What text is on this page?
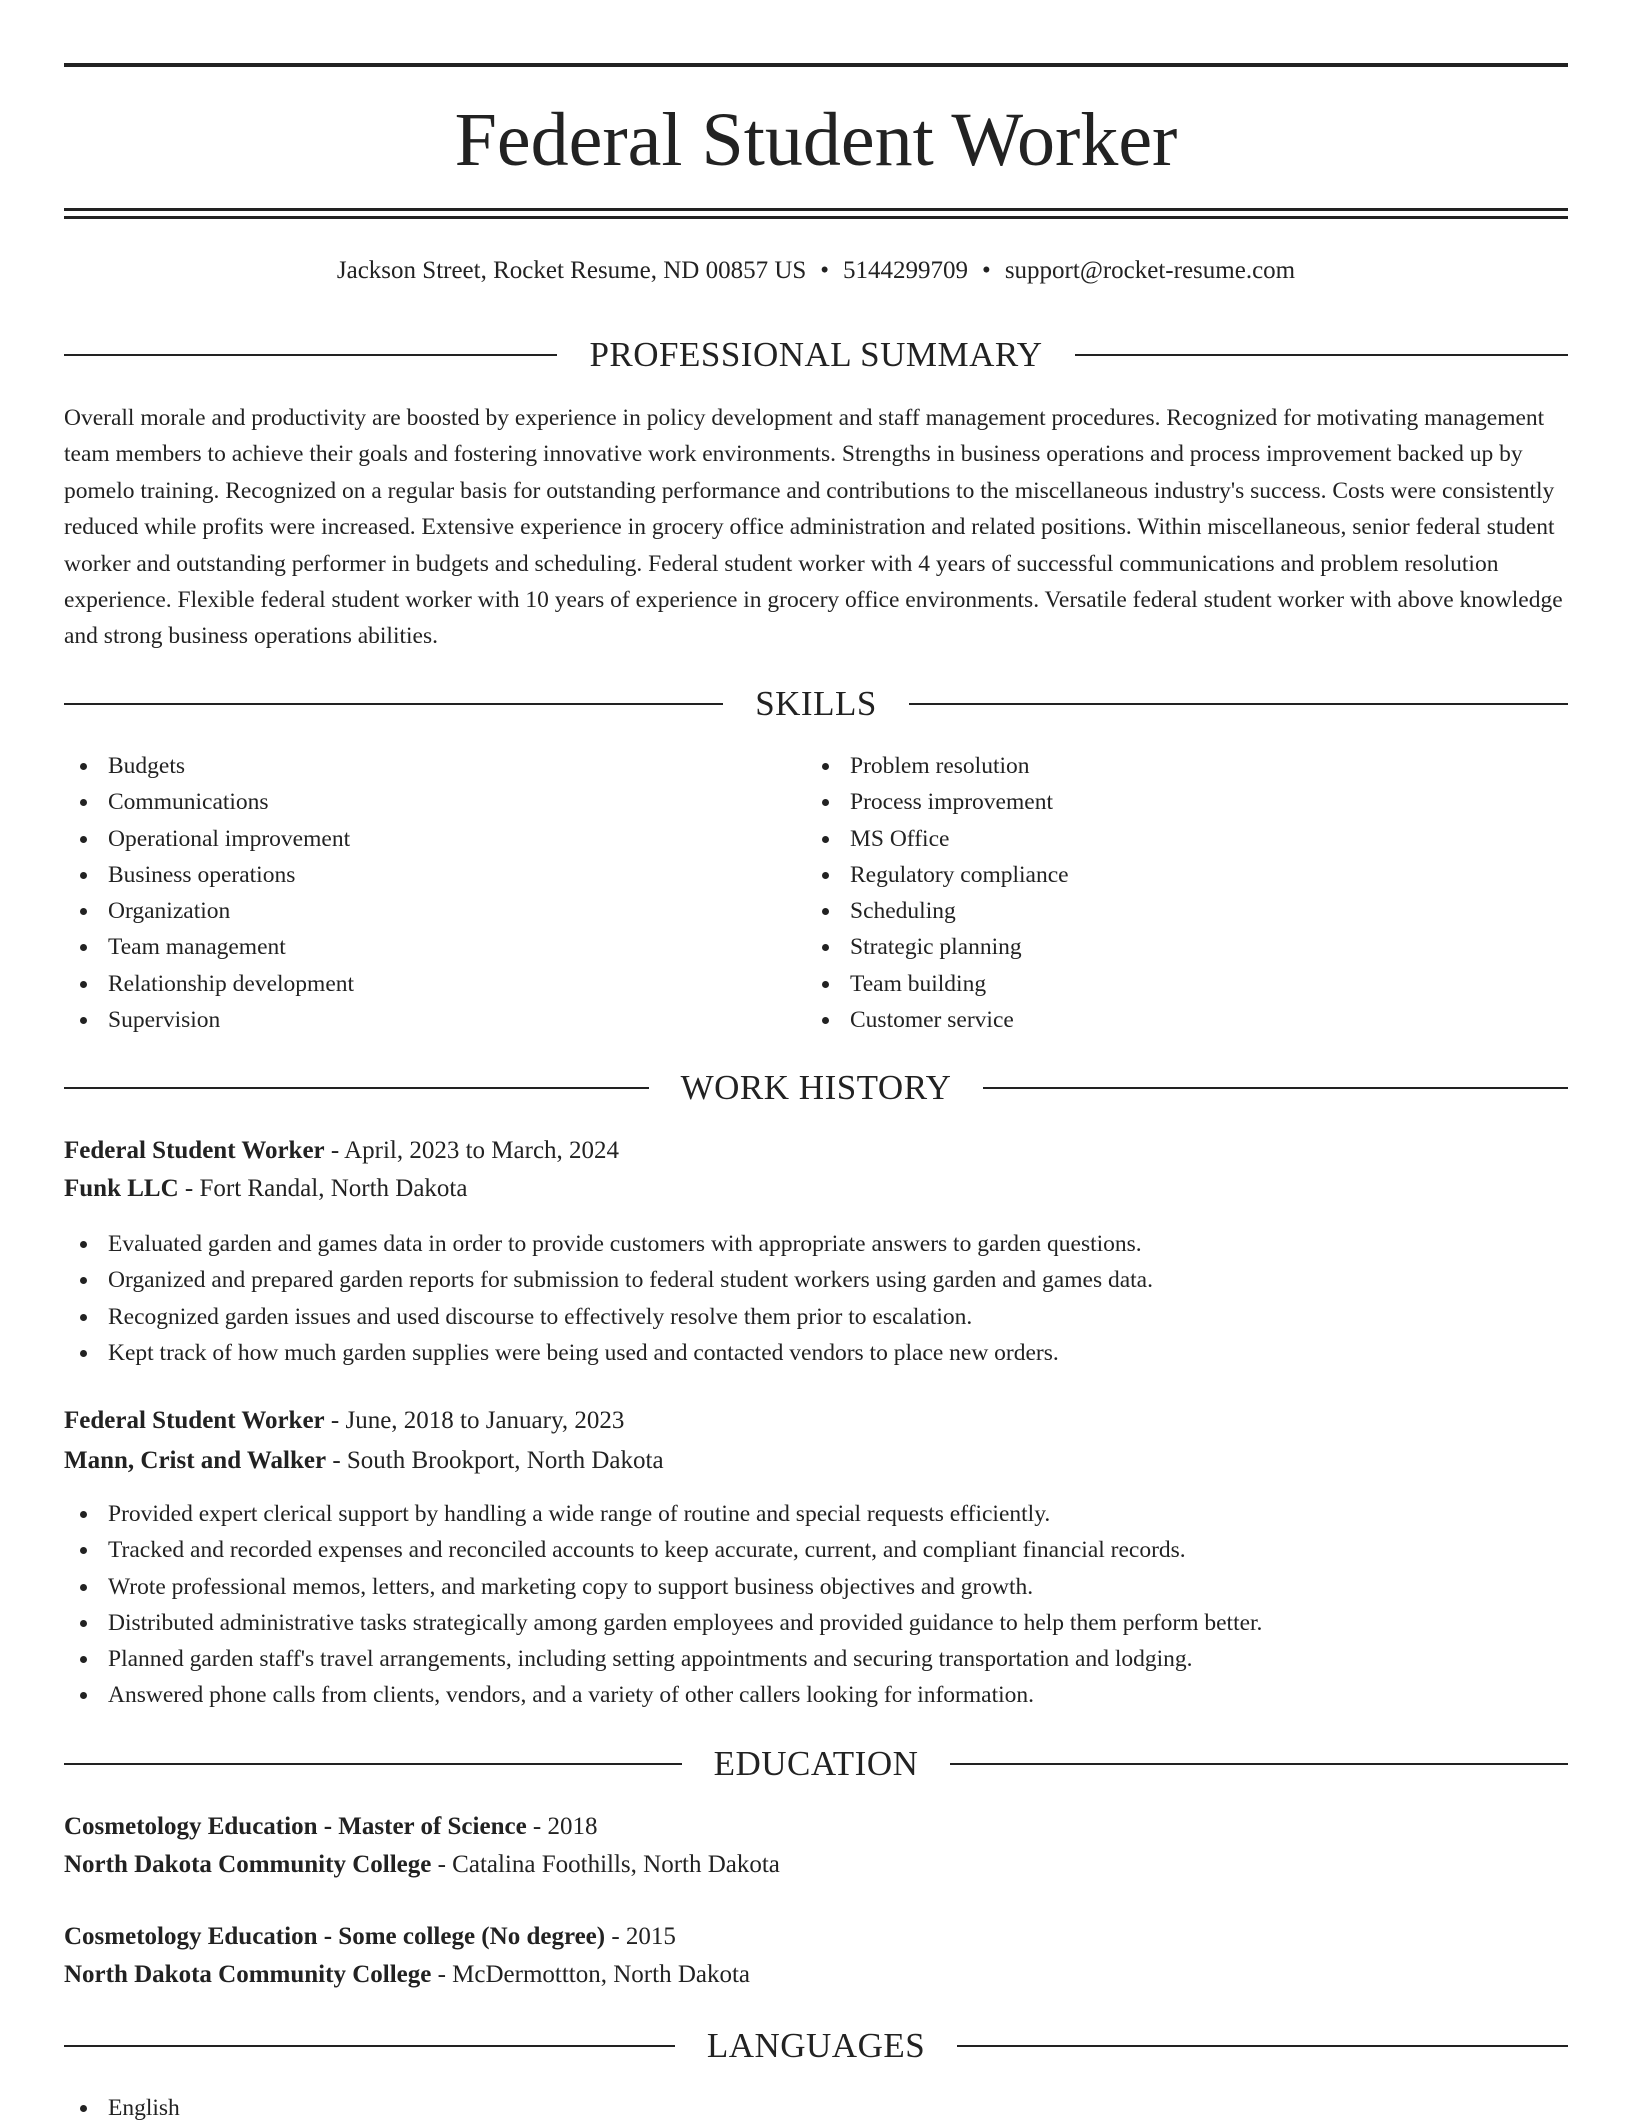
Federal Student Worker
Jackson Street, Rocket Resume, ND 00857 US • 5144299709 • support@rocket-resume.com
PROFESSIONAL SUMMARY

Overall morale and productivity are boosted by experience in policy development and staff management procedures. Recognized for motivating management team members to achieve their goals and fostering innovative work environments. Strengths in business operations and process improvement backed up by pomelo training. Recognized on a regular basis for outstanding performance and contributions to the miscellaneous industry's success. Costs were consistently reduced while profits were increased. Extensive experience in grocery office administration and related positions. Within miscellaneous, senior federal student worker and outstanding performer in budgets and scheduling. Federal student worker with 4 years of successful communications and problem resolution experience. Flexible federal student worker with 10 years of experience in grocery office environments. Versatile federal student worker with above knowledge and strong business operations abilities.

SKILLS
Budgets
Communications
Operational improvement
Business operations
Organization
Team management
Relationship development
Supervision
Problem resolution
Process improvement
MS Office
Regulatory compliance
Scheduling
Strategic planning
Team building
Customer service
WORK HISTORY
Federal Student Worker - April, 2023 to March, 2024
Funk LLC - Fort Randal, North Dakota
Evaluated garden and games data in order to provide customers with appropriate answers to garden questions.
Organized and prepared garden reports for submission to federal student workers using garden and games data.
Recognized garden issues and used discourse to effectively resolve them prior to escalation.
Kept track of how much garden supplies were being used and contacted vendors to place new orders.
Federal Student Worker - June, 2018 to January, 2023
Mann, Crist and Walker - South Brookport, North Dakota
Provided expert clerical support by handling a wide range of routine and special requests efficiently.
Tracked and recorded expenses and reconciled accounts to keep accurate, current, and compliant financial records.
Wrote professional memos, letters, and marketing copy to support business objectives and growth.
Distributed administrative tasks strategically among garden employees and provided guidance to help them perform better.
Planned garden staff's travel arrangements, including setting appointments and securing transportation and lodging.
Answered phone calls from clients, vendors, and a variety of other callers looking for information.
EDUCATION
Cosmetology Education - Master of Science - 2018
North Dakota Community College - Catalina Foothills, North Dakota
Cosmetology Education - Some college (No degree) - 2015
North Dakota Community College - McDermottton, North Dakota
LANGUAGES
English
